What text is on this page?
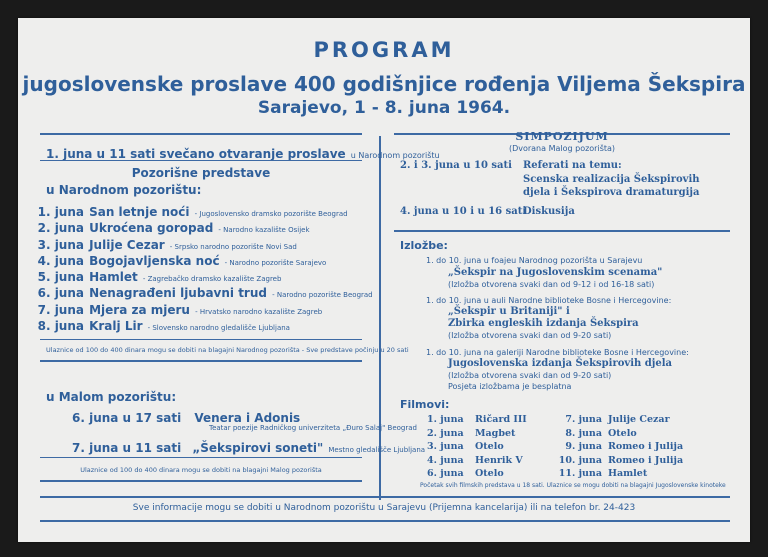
PROGRAM
jugoslovenske proslave 400 godišnjice rođenja Viljema Šekspira
Sarajevo, 1 - 8. juna 1964.
1. juna u 11 sati svečano otvaranje proslave u Narodnom pozorištu
Pozorišne predstave
u Narodnom pozorištu:
1. juna San letnje noći - Jugoslovensko dramsko pozorište Beograd
2. juna Ukroćena goropad - Narodno kazalište Osijek
3. juna Julije Cezar - Srpsko narodno pozorište Novi Sad
4. juna Bogojavljenska noć - Narodno pozorište Sarajevo
5. juna Hamlet - Zagrebačko dramsko kazalište Zagreb
6. juna Nenagrađeni ljubavni trud - Narodno pozorište Beograd
7. juna Mjera za mjeru - Hrvatsko narodno kazalište Zagreb
8. juna Kralj Lir - Slovensko narodno gledališče Ljubljana
Ulaznice od 100 do 400 dinara mogu se dobiti na blagajni Narodnog pozorišta - Sve predstave počinju u 20 sati
u Malom pozorištu:
6. juna u 17 sati Venera i Adonis
Teatar poezije Radničkog univerziteta „Đuro Salaj" Beograd
7. juna u 11 sati „Šekspirovi soneti" Mestno gledališče Ljubljana
Ulaznice od 100 do 400 dinara mogu se dobiti na blagajni Malog pozorišta
SIMPOZIJUM
(Dvorana Malog pozorišta)
2. i 3. juna u 10 sati Referati na temu:
Scenska realizacija Šekspirovih
djela i Šekspirova dramaturgija
4. juna u 10 i u 16 sati
Diskusija
Izložbe:
1. do 10. juna u foajeu Narodnog pozorišta u Sarajevu
„Šekspir na Jugoslovenskim scenama"
(Izložba otvorena svaki dan od 9-12 i od 16-18 sati)
1. do 10. juna u auli Narodne biblioteke Bosne i Hercegovine:
„Šekspir u Britaniji" i
Zbirka engleskih izdanja Šekspira
(Izložba otvorena svaki dan od 9-20 sati)
1. do 10. juna na galeriji Narodne biblioteke Bosne i Hercegovine:
Jugoslovenska izdanja Šekspirovih djela
(Izložba otvorena svaki dan od 9-20 sati)
Posjeta izložbama je besplatna
Filmovi:
1. juna Ričard III
2. juna Magbet
3. juna Otelo
4. juna Henrik V
6. juna Otelo
7. juna Julije Cezar
8. juna Otelo
9. juna Romeo i Julija
10. juna Romeo i Julija
11. juna Hamlet
Početak svih filmskih predstava u 18 sati. Ulaznice se mogu dobiti na blagajni Jugoslovenske kinoteke
Sve informacije mogu se dobiti u Narodnom pozorištu u Sarajevu (Prijemna kancelarija) ili na telefon br. 24-423
